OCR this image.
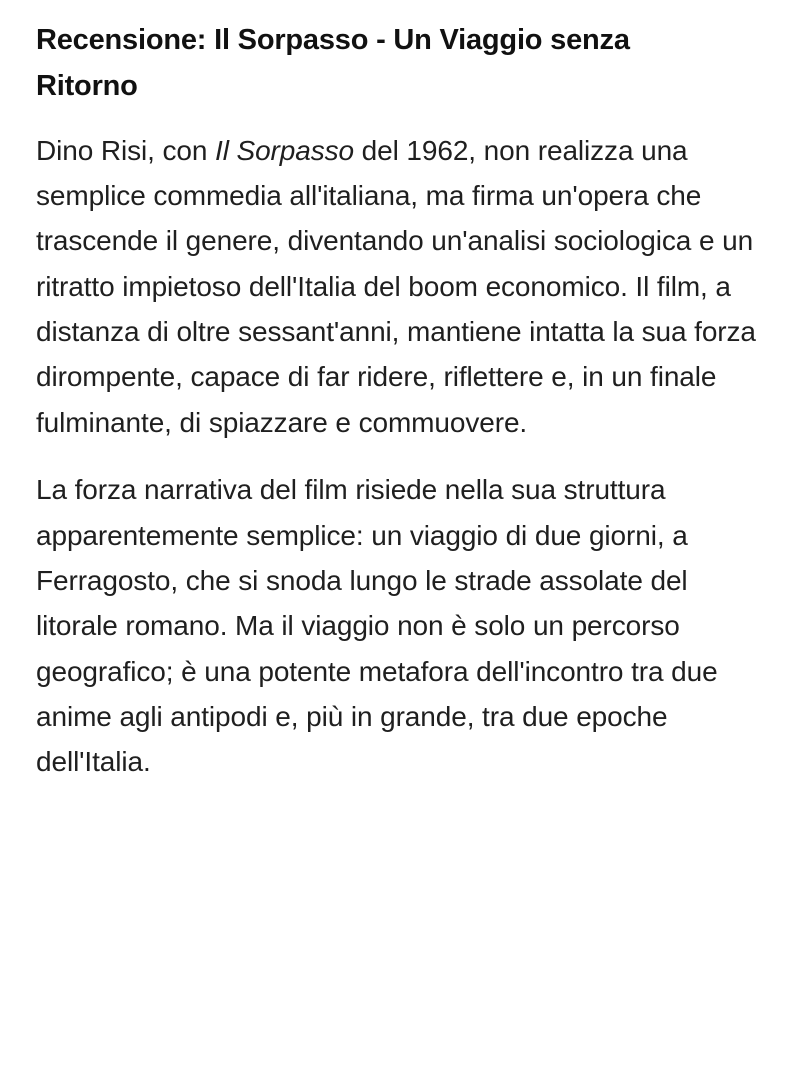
Recensione: Il Sorpasso - Un Viaggio senza Ritorno

Dino Risi, con Il Sorpasso del 1962, non realizza una semplice commedia all'italiana, ma firma un'opera che trascende il genere, diventando un'analisi sociologica e un ritratto impietoso dell'Italia del boom economico. Il film, a distanza di oltre sessant'anni, mantiene intatta la sua forza dirompente, capace di far ridere, riflettere e, in un finale fulminante, di spiazzare e commuovere.

La forza narrativa del film risiede nella sua struttura apparentemente semplice: un viaggio di due giorni, a Ferragosto, che si snoda lungo le strade assolate del litorale romano. Ma il viaggio non è solo un percorso geografico; è una potente metafora dell'incontro tra due anime agli antipodi e, più in grande, tra due epoche dell'Italia.
